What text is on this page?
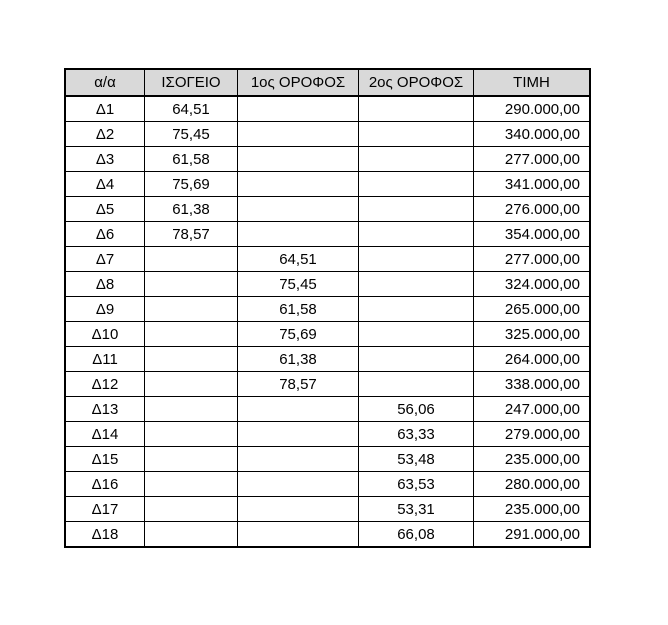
α/α	ΙΣΟΓΕΙΟ	1ος ΟΡΟΦΟΣ	2ος ΟΡΟΦΟΣ	ΤΙΜΗ
Δ1	64,51			290.000,00
Δ2	75,45			340.000,00
Δ3	61,58			277.000,00
Δ4	75,69			341.000,00
Δ5	61,38			276.000,00
Δ6	78,57			354.000,00
Δ7		64,51		277.000,00
Δ8		75,45		324.000,00
Δ9		61,58		265.000,00
Δ10		75,69		325.000,00
Δ11		61,38		264.000,00
Δ12		78,57		338.000,00
Δ13			56,06	247.000,00
Δ14			63,33	279.000,00
Δ15			53,48	235.000,00
Δ16			63,53	280.000,00
Δ17			53,31	235.000,00
Δ18			66,08	291.000,00
